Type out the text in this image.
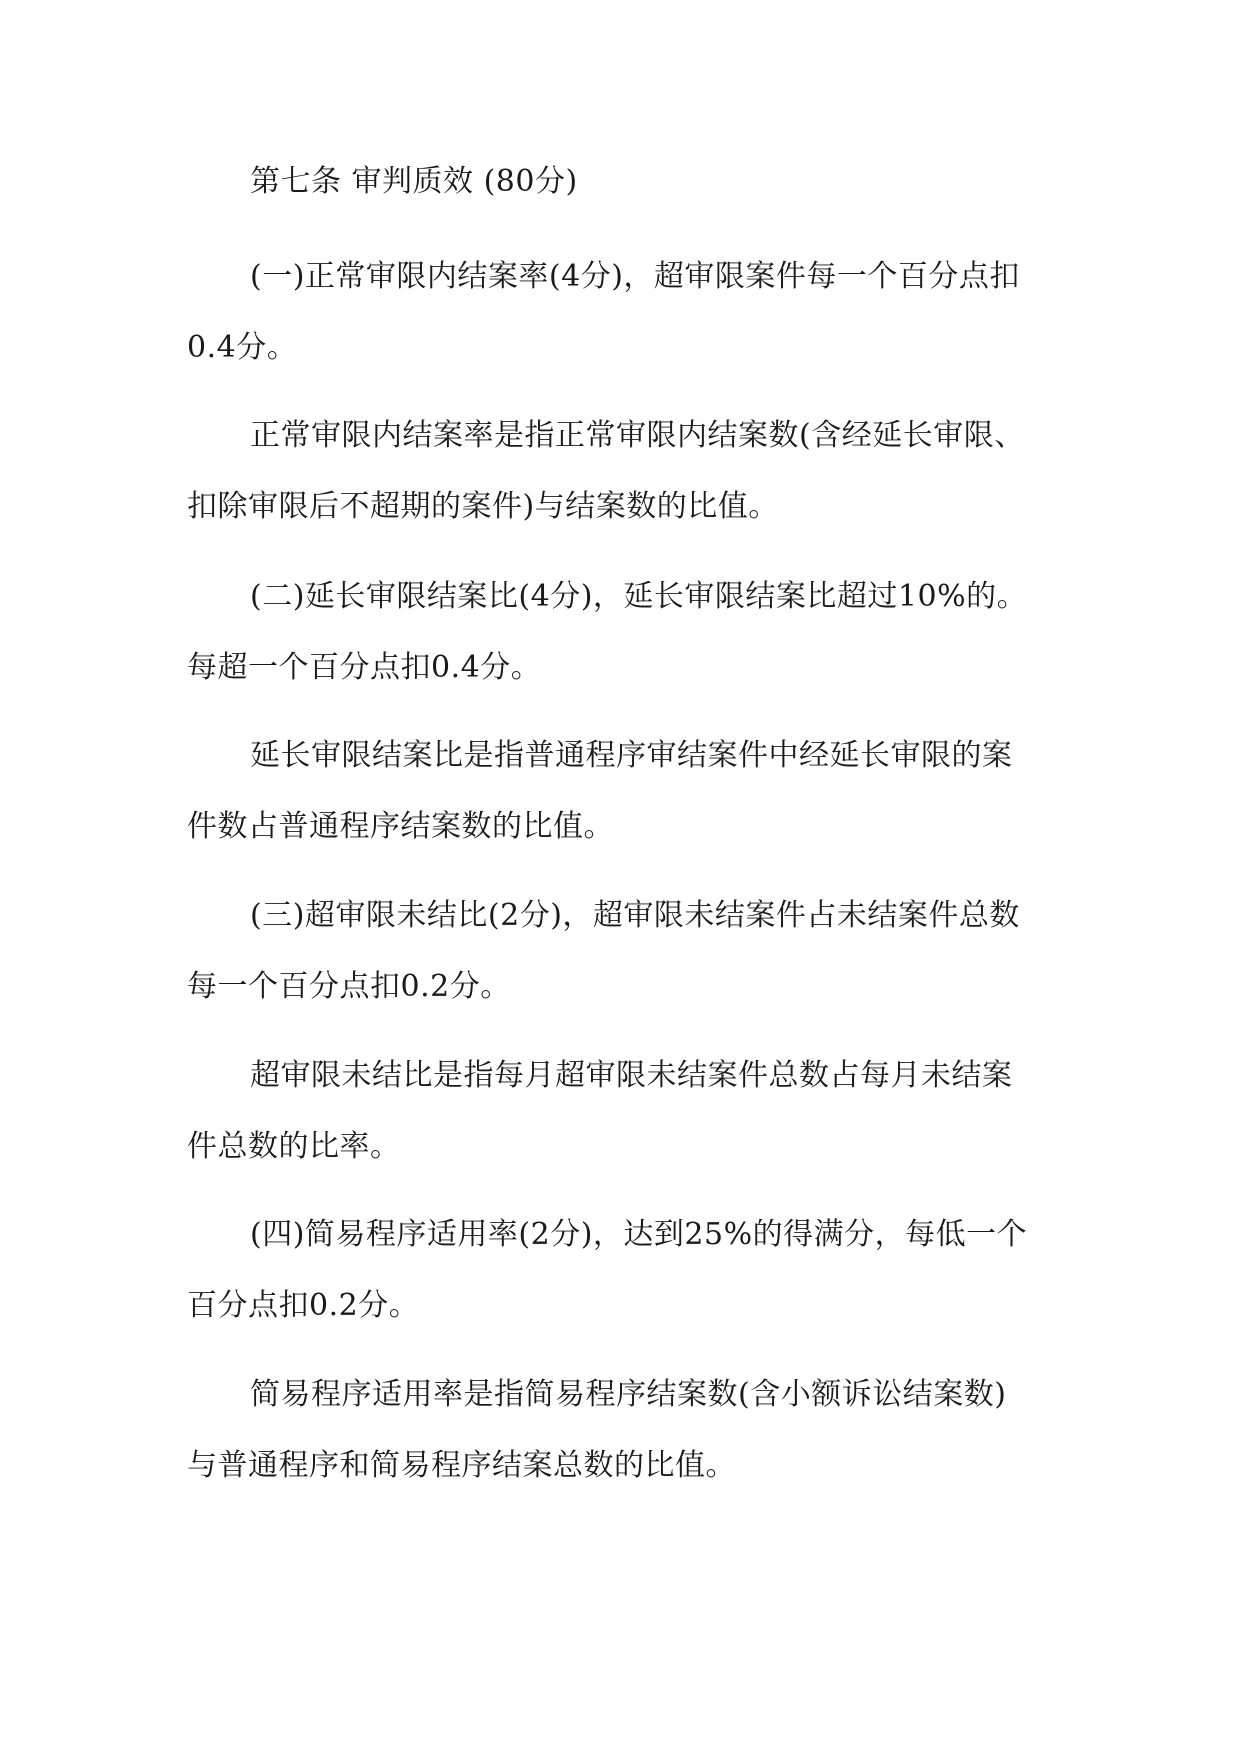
第七条 审判质效 (80分)

(一)正常审限内结案率(4分)，超审限案件每一个百分点扣
0.4分。

正常审限内结案率是指正常审限内结案数(含经延长审限、
扣除审限后不超期的案件)与结案数的比值。

(二)延长审限结案比(4分)，延长审限结案比超过10%的。
每超一个百分点扣0.4分。

延长审限结案比是指普通程序审结案件中经延长审限的案
件数占普通程序结案数的比值。

(三)超审限未结比(2分)，超审限未结案件占未结案件总数
每一个百分点扣0.2分。

超审限未结比是指每月超审限未结案件总数占每月未结案
件总数的比率。

(四)简易程序适用率(2分)，达到25%的得满分，每低一个
百分点扣0.2分。

简易程序适用率是指简易程序结案数(含小额诉讼结案数)
与普通程序和简易程序结案总数的比值。
